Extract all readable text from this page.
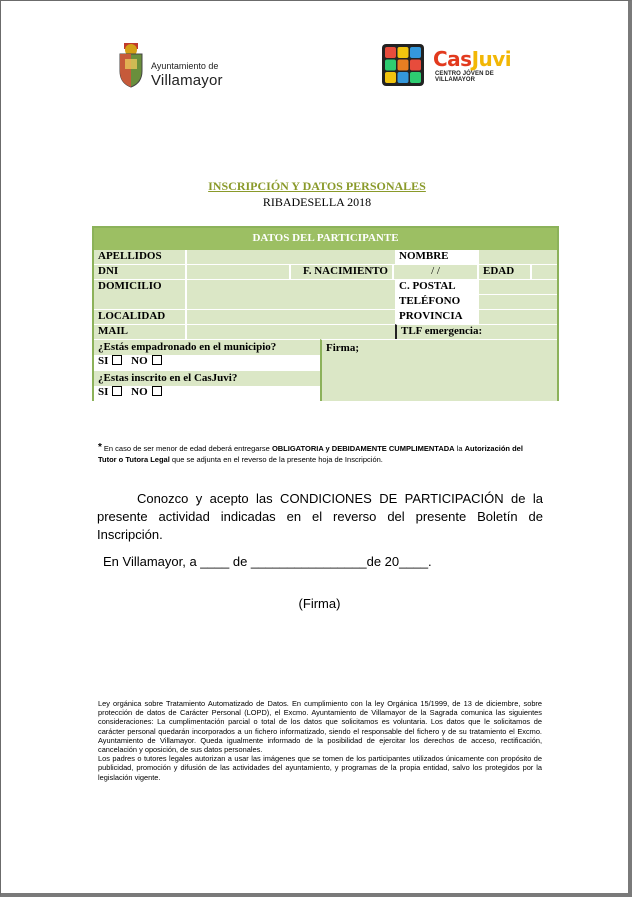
Ayuntamiento de
Villamayor
CasJuvi
CENTRO JÓVEN DE VILLAMAYOR
INSCRIPCIÓN Y DATOS PERSONALES
RIBADESELLA 2018
DATOS DEL PARTICIPANTE
APELLIDOS	NOMBRE
DNI	F. NACIMIENTO	/ /	EDAD
DOMICILIO	C. POSTAL
TELÉFONO
LOCALIDAD	PROVINCIA
MAIL	TLF emergencia:
¿Estás empadronado en el municipio?
SI NO
¿Estas inscrito en el CasJuvi?
SI NO
Firma;
* En caso de ser menor de edad deberá entregarse OBLIGATORIA y DEBIDAMENTE CUMPLIMENTADA la Autorización del Tutor o Tutora Legal que se adjunta en el reverso de la presente hoja de Inscripción.
Conozco y acepto las CONDICIONES DE PARTICIPACIÓN de la presente actividad indicadas en el reverso del presente Boletín de Inscripción.
En Villamayor, a ____ de ________________de 20____.
(Firma)

Ley orgánica sobre Tratamiento Automatizado de Datos. En cumplimiento con la ley Orgánica 15/1999, de 13 de diciembre, sobre protección de datos de Carácter Personal (LOPD), el Excmo. Ayuntamiento de Villamayor de la Sagrada comunica las siguientes consideraciones: La cumplimentación parcial o total de los datos que solicitamos es voluntaria. Los datos que le solicitamos de carácter personal quedarán incorporados a un fichero informatizado, siendo el responsable del fichero y de su tratamiento el Excmo. Ayuntamiento de Villamayor. Queda igualmente informado de la posibilidad de ejercitar los derechos de acceso, rectificación, cancelación y oposición, de sus datos personales.

Los padres o tutores legales autorizan a usar las imágenes que se tomen de los participantes utilizados únicamente con propósito de publicidad, promoción y difusión de las actividades del ayuntamiento, y programas de la propia entidad, salvo los protegidos por la legislación vigente.
